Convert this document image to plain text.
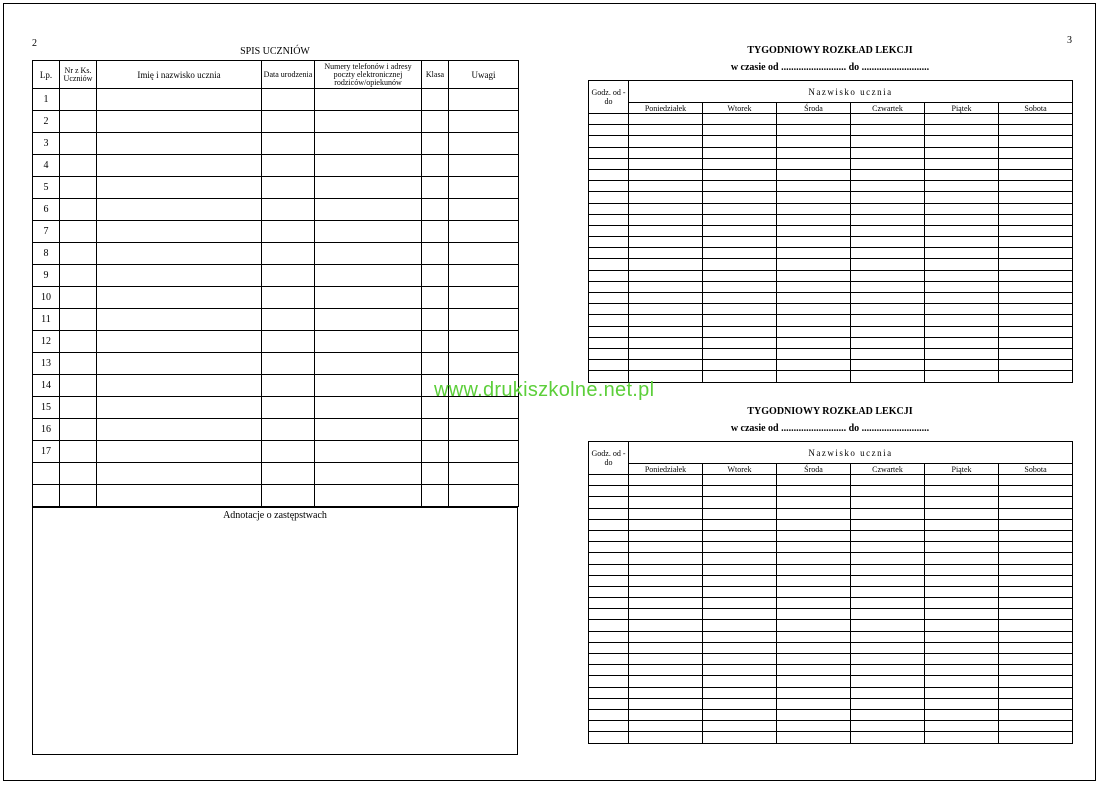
2	3
SPIS UCZNIÓW
Lp.	Nr z Ks. Uczniów	Imię i nazwisko ucznia	Data urodzenia	Numery telefonów i adresy poczty elektronicznej rodziców/opiekunów	Klasa	Uwagi
1						
2						
3						
4						
5						
6						
7						
8						
9						
10						
11						
12						
13						
14						
15						
16						
17						

Adnotacje o zastępstwach
TYGODNIOWY ROZKŁAD LEKCJI
w czasie od .......................... do ...........................
Godz. od - do	Nazwisko ucznia					
	Poniedziałek	Wtorek	Środa	Czwartek	Piątek	Sobota

TYGODNIOWY ROZKŁAD LEKCJI
w czasie od .......................... do ...........................
Godz. od - do	Nazwisko ucznia					
	Poniedziałek	Wtorek	Środa	Czwartek	Piątek	Sobota

www.drukiszkolne.net.pl
